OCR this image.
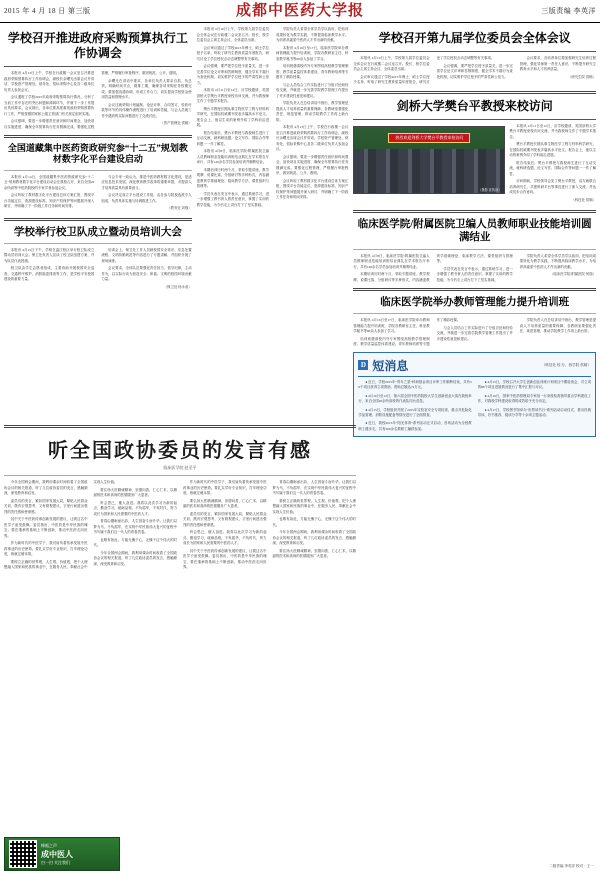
2015 年 4 月 18 日 第三版	成都中医药大学报	三版责编 李英洋
学校召开推进政府采购预算执行工作协调会

本报讯 4月13日上午，学校在行政楼一会议室召开推进政府采购预算执行工作协调会，副校长余曙光出席会议并讲话，学校资产管理处、财务处、招标采购中心及各二级单位负责人参加会议。

会议通报了学校2015年政府采购预算执行情况，分析了当前工作中存在的突出问题和薄弱环节，并就下一步工作提出具体要求。会议指出，各单位要高度重视政府采购预算执行工作，严格按照国家和上级主管部门有关规定组织实施。

会议强调，要进一步增强责任意识和时间观念，加快项目实施进度，确保全年预算执行任务圆满完成。要强化过程管理，严格履行审批程序，做到规范、公开、透明。

余曙光在讲话中要求，各单位负责人要亲自抓、负总责，明确时间节点，倒排工期，确保各项采购任务按期完成；要加强沟通协调，形成工作合力，切实提高学校资金使用效益和管理水平。

会议还就采购计划编制、论证评审、合同签订、验收付款等环节的具体操作流程进行了培训和答疑，与会人员就工作中遇到的实际问题进行了交流讨论。

（资产管理处 供稿）

全国道藏集中医药资政研究参“十二五”规划教材数字化平台建设启动

本报讯 4月14日，全国道藏集中医药资政研究参“十二五”规划教材数字化平台建设启动会在我校召开，来自全国20余所高等中医药院校的专家学者参加会议。

会议听取了教材数字化平台建设总体方案汇报，围绕平台功能定位、资源建设标准、知识产权保护等问题展开深入研讨，并明确了下一阶段工作任务和时间安排。

与会专家一致认为，推进中医药教材数字化建设，是适应信息技术发展、深化教育教学改革的重要举措，对提高人才培养质量具有重要意义。

会议决定成立平台建设工作组，由各参与院校选派专人组成，负责具体实施与协调推进工作。

（教务处 刘强）

学校举行校卫队成立暨动员培训大会

本报讯 4月15日下午，学校在温江校区举行校卫队成立暨动员培训大会。保卫处负责人宣读了校卫队组建方案，并为队员代表授旗。

校卫队由学生志愿者组成，主要协助开展校园安全巡查、交通秩序维护、消防隐患排查等工作，是学校平安校园建设的重要力量。

培训会上，保卫处工作人员就校园安全常识、应急处置流程、文明执勤规范等内容进行了专题讲解，并组织开展了现场演练。

会议要求，全体队员要强化责任担当，恪守纪律，主动作为，以实际行动为营造安全、和谐、文明的校园环境贡献力量。

（保卫处 杨永成）

本报讯 4月10日上午，学校第九届学位委员会全体会议在行政楼二会议室召开。校长、校学位委员会主席主持会议，全体委员出席。

会议审议通过了学校2015年博士、硕士学位授予名单，听取了研究生教育质量年度报告，研究讨论了学位授权点动态调整等有关事项。

会议强调，要严把学位授予质量关，进一步完善学位论文评审和答辩制度，健全学术不端行为查处机制，切实维护学位授予的严肃性和公信力。

本报讯 4月11日至12日，应学校邀请，英国剑桥大学樊台平教授来校访问交流，并为我校师生作了专题学术报告。

樊台平教授长期从事生物医学工程与材料科学研究，在国际权威期刊发表多篇高水平论文。报告会上，他以生动的案例介绍了学科前沿进展。

报告结束后，樊台平教授与我校师生进行了互动交流，就科研选题、论文写作、国际合作等问题一一作了解答。

本报讯 4月8日，临床医学院/附属医院卫编人员教师职业技能培训班结业典礼在学术报告厅举行，共有120余名学员参加培训并顺利结业。

本期培训历时两个月，采取专题讲座、教学观摩、说课比赛、分组研讨等多种形式，内容涵盖教育学基础理论、临床教学方法、课堂组织与管理等。

学员代表在发言中表示，通过系统学习，进一步增强了教书育人的责任意识，掌握了实用的教学技能，为今后走上讲台打下了坚实基础。

学院负责人希望全体学员学以致用，把培训成果转化为教学实践，不断提高临床教学水平，为培养高素质中医药人才作出新的贡献。

本报讯 4月16日至17日，临床医学院举办教师管理能力提升培训班，学院各教研室主任、科室教学秘书等60余人参加了学习。

培训班邀请校内外专家围绕高校教学管理制度、教学质量监控体系建设、青年教师培养等专题作了精彩授课。

与会人员结合工作实际进行了分组讨论和经验交流，并就进一步完善学院教学管理工作提出了许多建设性意见和建议。

学院负责人在总结讲话中指出，教学管理是提高人才培养质量的重要保障，各教研室要强化责任、规范管理，推动学院教学工作再上新台阶。

本报讯 4月13日上午，学校在行政楼一会议室召开推进政府采购预算执行工作协调会，副校长余曙光出席会议并讲话，学校资产管理处、财务处、招标采购中心及各二级单位负责人参加会议。

会议强调，要进一步增强责任意识和时间观念，加快项目实施进度，确保全年预算执行任务圆满完成。要强化过程管理，严格履行审批程序，做到规范、公开、透明。

会议听取了教材数字化平台建设总体方案汇报，围绕平台功能定位、资源建设标准、知识产权保护等问题展开深入研讨，并明确了下一阶段工作任务和时间安排。

学校召开第九届学位委员会全体会议

本报讯 4月10日上午，学校第九届学位委员会全体会议在行政楼二会议室召开。校长、校学位委员会主席主持会议，全体委员出席。

会议审议通过了学校2015年博士、硕士学位授予名单，听取了研究生教育质量年度报告，研究讨论了学位授权点动态调整等有关事项。

会议强调，要严把学位授予质量关，进一步完善学位论文评审和答辩制度，健全学术不端行为查处机制，切实维护学位授予的严肃性和公信力。

会议要求，各培养单位要加强研究生培养过程管理，强化导师第一责任人意识，不断提升研究生教育水平和人才培养质量。

（研究生院 供稿）

剑桥大学樊台平教授来校访问
热烈欢迎剑桥大学樊台平教授来校访问
（摄影 宣传部）

本报讯 4月11日至12日，应学校邀请，英国剑桥大学樊台平教授来校访问交流，并为我校师生作了专题学术报告。

樊台平教授长期从事生物医学工程与材料科学研究，在国际权威期刊发表多篇高水平论文。报告会上，他以生动的案例介绍了学科前沿进展。

报告结束后，樊台平教授与我校师生进行了互动交流，就科研选题、论文写作、国际合作等问题一一作了解答。

访问期间，学校领导会见了樊台平教授，双方就联合培养研究生、共建科研平台等事宜进行了深入交流，并达成初步合作意向。

（科技处 供稿）

临床医学院/附属医院卫编人员教师职业技能培训圆满结业

本报讯 4月8日，临床医学院/附属医院卫编人员教师职业技能培训班结业典礼在学术报告厅举行，共有120余名学员参加培训并顺利结业。

本期培训历时两个月，采取专题讲座、教学观摩、说课比赛、分组研讨等多种形式，内容涵盖教育学基础理论、临床教学方法、课堂组织与管理等。

学员代表在发言中表示，通过系统学习，进一步增强了教书育人的责任意识，掌握了实用的教学技能，为今后走上讲台打下了坚实基础。

学院负责人希望全体学员学以致用，把培训成果转化为教学实践，不断提高临床教学水平，为培养高素质中医药人才作出新的贡献。

（临床医学院/附属医院 何瑞）

临床医学院举办教师管理能力提升培训班

本报讯 4月16日至17日，临床医学院举办教师管理能力提升培训班，学院各教研室主任、科室教学秘书等60余人参加了学习。

培训班邀请校内外专家围绕高校教学管理制度、教学质量监控体系建设、青年教师培养等专题作了精彩授课。

与会人员结合工作实际进行了分组讨论和经验交流，并就进一步完善学院教学管理工作提出了许多建设性意见和建议。

学院负责人在总结讲话中指出，教学管理是提高人才培养质量的重要保障，各教研室要强化责任、规范管理，推动学院教学工作再上新台阶。

D 短消息	（科技处 校 办、西学院 供稿）

● 近日，学校2015年“青年之星”科研基金项目评审工作顺利结束，共有36个项目获得立项资助，资助总额达72万元。

● 4月10日至12日，第六届全国中医药院校大学生创新创业大赛在我校举行，来自全国20余所高校的代表队同台竞技。

● 4月13日，学校组织开展了2015年实验室安全专项检查，重点对危险化学品管理、消防设施配备等情况进行了全面排查。

● 近日，我校2015年“阳光体育”系列活动正式启动，首场活动为全校教职工健步走，共有500余名教职工踊跃参加。

● 4月15日，学校召开大学生创新创业训练计划项目中期检查会，对立项的86个项目进展情况进行了集中汇报与评议。

● 4月16日，国家中医药管理局专家组一行来校检查指导重点学科建设工作，对我校学科建设取得的成效给予充分肯定。

● 4月17日，学校图书馆举办“世界读书日”系列活动启动仪式，推出经典导读、好书推荐、阅读分享等十余项主题活动。

听全国政协委员的发言有感
临床医学院 赵至平

今年全国两会期间，我利用课余时间收看了全国政协会议的相关报道，听了几位政协委员的发言，感触颇深，深受教育和启发。

委员们的发言，紧扣国家发展大局，紧贴人民群众关切，既有宏观思考，又有微观建议，字里行间透出强烈的责任感和使命感。

其中关于中医药传承创新发展的建议，让我这名中医学子备受鼓舞。委员指出，中医药是中华民族的瑰宝，要在继承的基础上不断创新，推动中医药走向世界。

作为新时代的中医学子，我们肩负着传承发展中医药事业的历史使命。要扎实学好专业知识，打牢理论功底，练就过硬本领。

要树立正确的世界观、人生观、价值观，把个人理想融入国家和民族的事业中，在服务人民、奉献社会中实现人生价值。

要弘扬大医精诚精神，崇德向善，仁心仁术，以精湛的医术和高尚的医德服务广大患者。

听会思己，催人奋进。我将以此次学习为新的起点，勤奋学习，砥砺品格，不负韶华，不负时代，努力成长为国家和人民需要的中医药人才。

青春由磨砺而出彩，人生因奋斗而升华。让我们以梦为马，不负韶华，在实现中华民族伟大复兴的征程中书写属于我们这一代人的青春答卷。

也唯有如此，方能无愧于心，无愧于这个伟大的时代。

今年全国两会期间，我利用课余时间收看了全国政协会议的相关报道，听了几位政协委员的发言，感触颇深，深受教育和启发。

作为新时代的中医学子，我们肩负着传承发展中医药事业的历史使命。要扎实学好专业知识，打牢理论功底，练就过硬本领。

要弘扬大医精诚精神，崇德向善，仁心仁术，以精湛的医术和高尚的医德服务广大患者。

委员们的发言，紧扣国家发展大局，紧贴人民群众关切，既有宏观思考，又有微观建议，字里行间透出强烈的责任感和使命感。

听会思己，催人奋进。我将以此次学习为新的起点，勤奋学习，砥砺品格，不负韶华，不负时代，努力成长为国家和人民需要的中医药人才。

其中关于中医药传承创新发展的建议，让我这名中医学子备受鼓舞。委员指出，中医药是中华民族的瑰宝，要在继承的基础上不断创新，推动中医药走向世界。

青春由磨砺而出彩，人生因奋斗而升华。让我们以梦为马，不负韶华，在实现中华民族伟大复兴的征程中书写属于我们这一代人的青春答卷。

要树立正确的世界观、人生观、价值观，把个人理想融入国家和民族的事业中，在服务人民、奉献社会中实现人生价值。

也唯有如此，方能无愧于心，无愧于这个伟大的时代。

今年全国两会期间，我利用课余时间收看了全国政协会议的相关报道，听了几位政协委员的发言，感触颇深，深受教育和启发。

要弘扬大医精诚精神，崇德向善，仁心仁术，以精湛的医术和高尚的医德服务广大患者。

橡栀之声
成中医人
扫一扫 关注我们
二版责编 李英洋 校对：王一
